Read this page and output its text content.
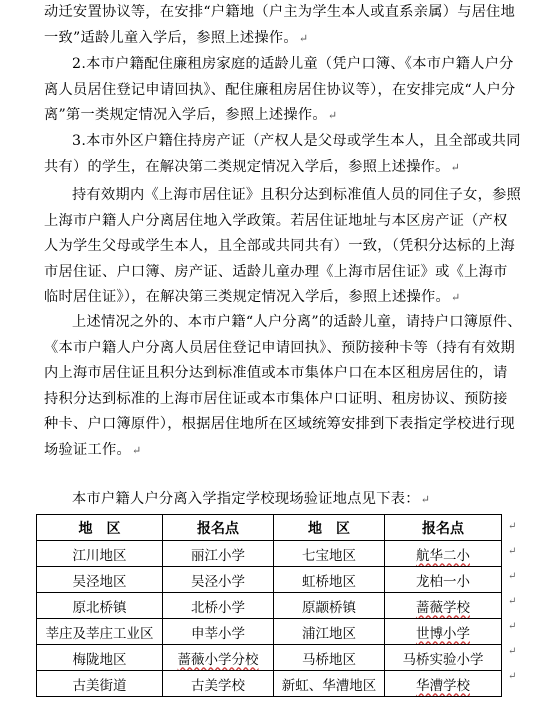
动迁安置协议等，在安排“户籍地（户主为学生本人或直系亲属）与居住地一致”适龄儿童入学后，参照上述操作。↵
2.本市户籍配住廉租房家庭的适龄儿童（凭户口簿、《本市户籍人户分离人员居住登记申请回执》、配住廉租房居住协议等），在安排完成“人户分离”第一类规定情况入学后，参照上述操作。↵
3.本市外区户籍住持房产证（产权人是父母或学生本人，且全部或共同共有）的学生，在解决第二类规定情况入学后，参照上述操作。↵
持有效期内《上海市居住证》且积分达到标准值人员的同住子女，参照上海市户籍人户分离居住地入学政策。若居住证地址与本区房产证（产权人为学生父母或学生本人，且全部或共同共有）一致，（凭积分达标的上海市居住证、户口簿、房产证、适龄儿童办理《上海市居住证》或《上海市临时居住证》），在解决第三类规定情况入学后，参照上述操作。↵
上述情况之外的、本市户籍“人户分离”的适龄儿童，请持户口簿原件、《本市户籍人户分离人员居住登记申请回执》、预防接种卡等（持有有效期内上海市居住证且积分达到标准值或本市集体户口在本区租房居住的，请持积分达到标准的上海市居住证或本市集体户口证明、租房协议、预防接种卡、户口簿原件），根据居住地所在区域统筹安排到下表指定学校进行现场验证工作。↵
本市户籍人户分离入学指定学校现场验证地点见下表：↵
地　区	报名点	地　区	报名点
江川地区	丽江小学	七宝地区	航华二小
吴泾地区	吴泾小学	虹桥地区	龙柏一小
原北桥镇	北桥小学	原颛桥镇	蔷薇学校
莘庄及莘庄工业区	申莘小学	浦江地区	世博小学
梅陇地区	蔷薇小学分校	马桥地区	马桥实验小学
古美街道	古美学校	新虹、华漕地区	华漕学校
↵
↵
↵
↵
↵
↵
↵
